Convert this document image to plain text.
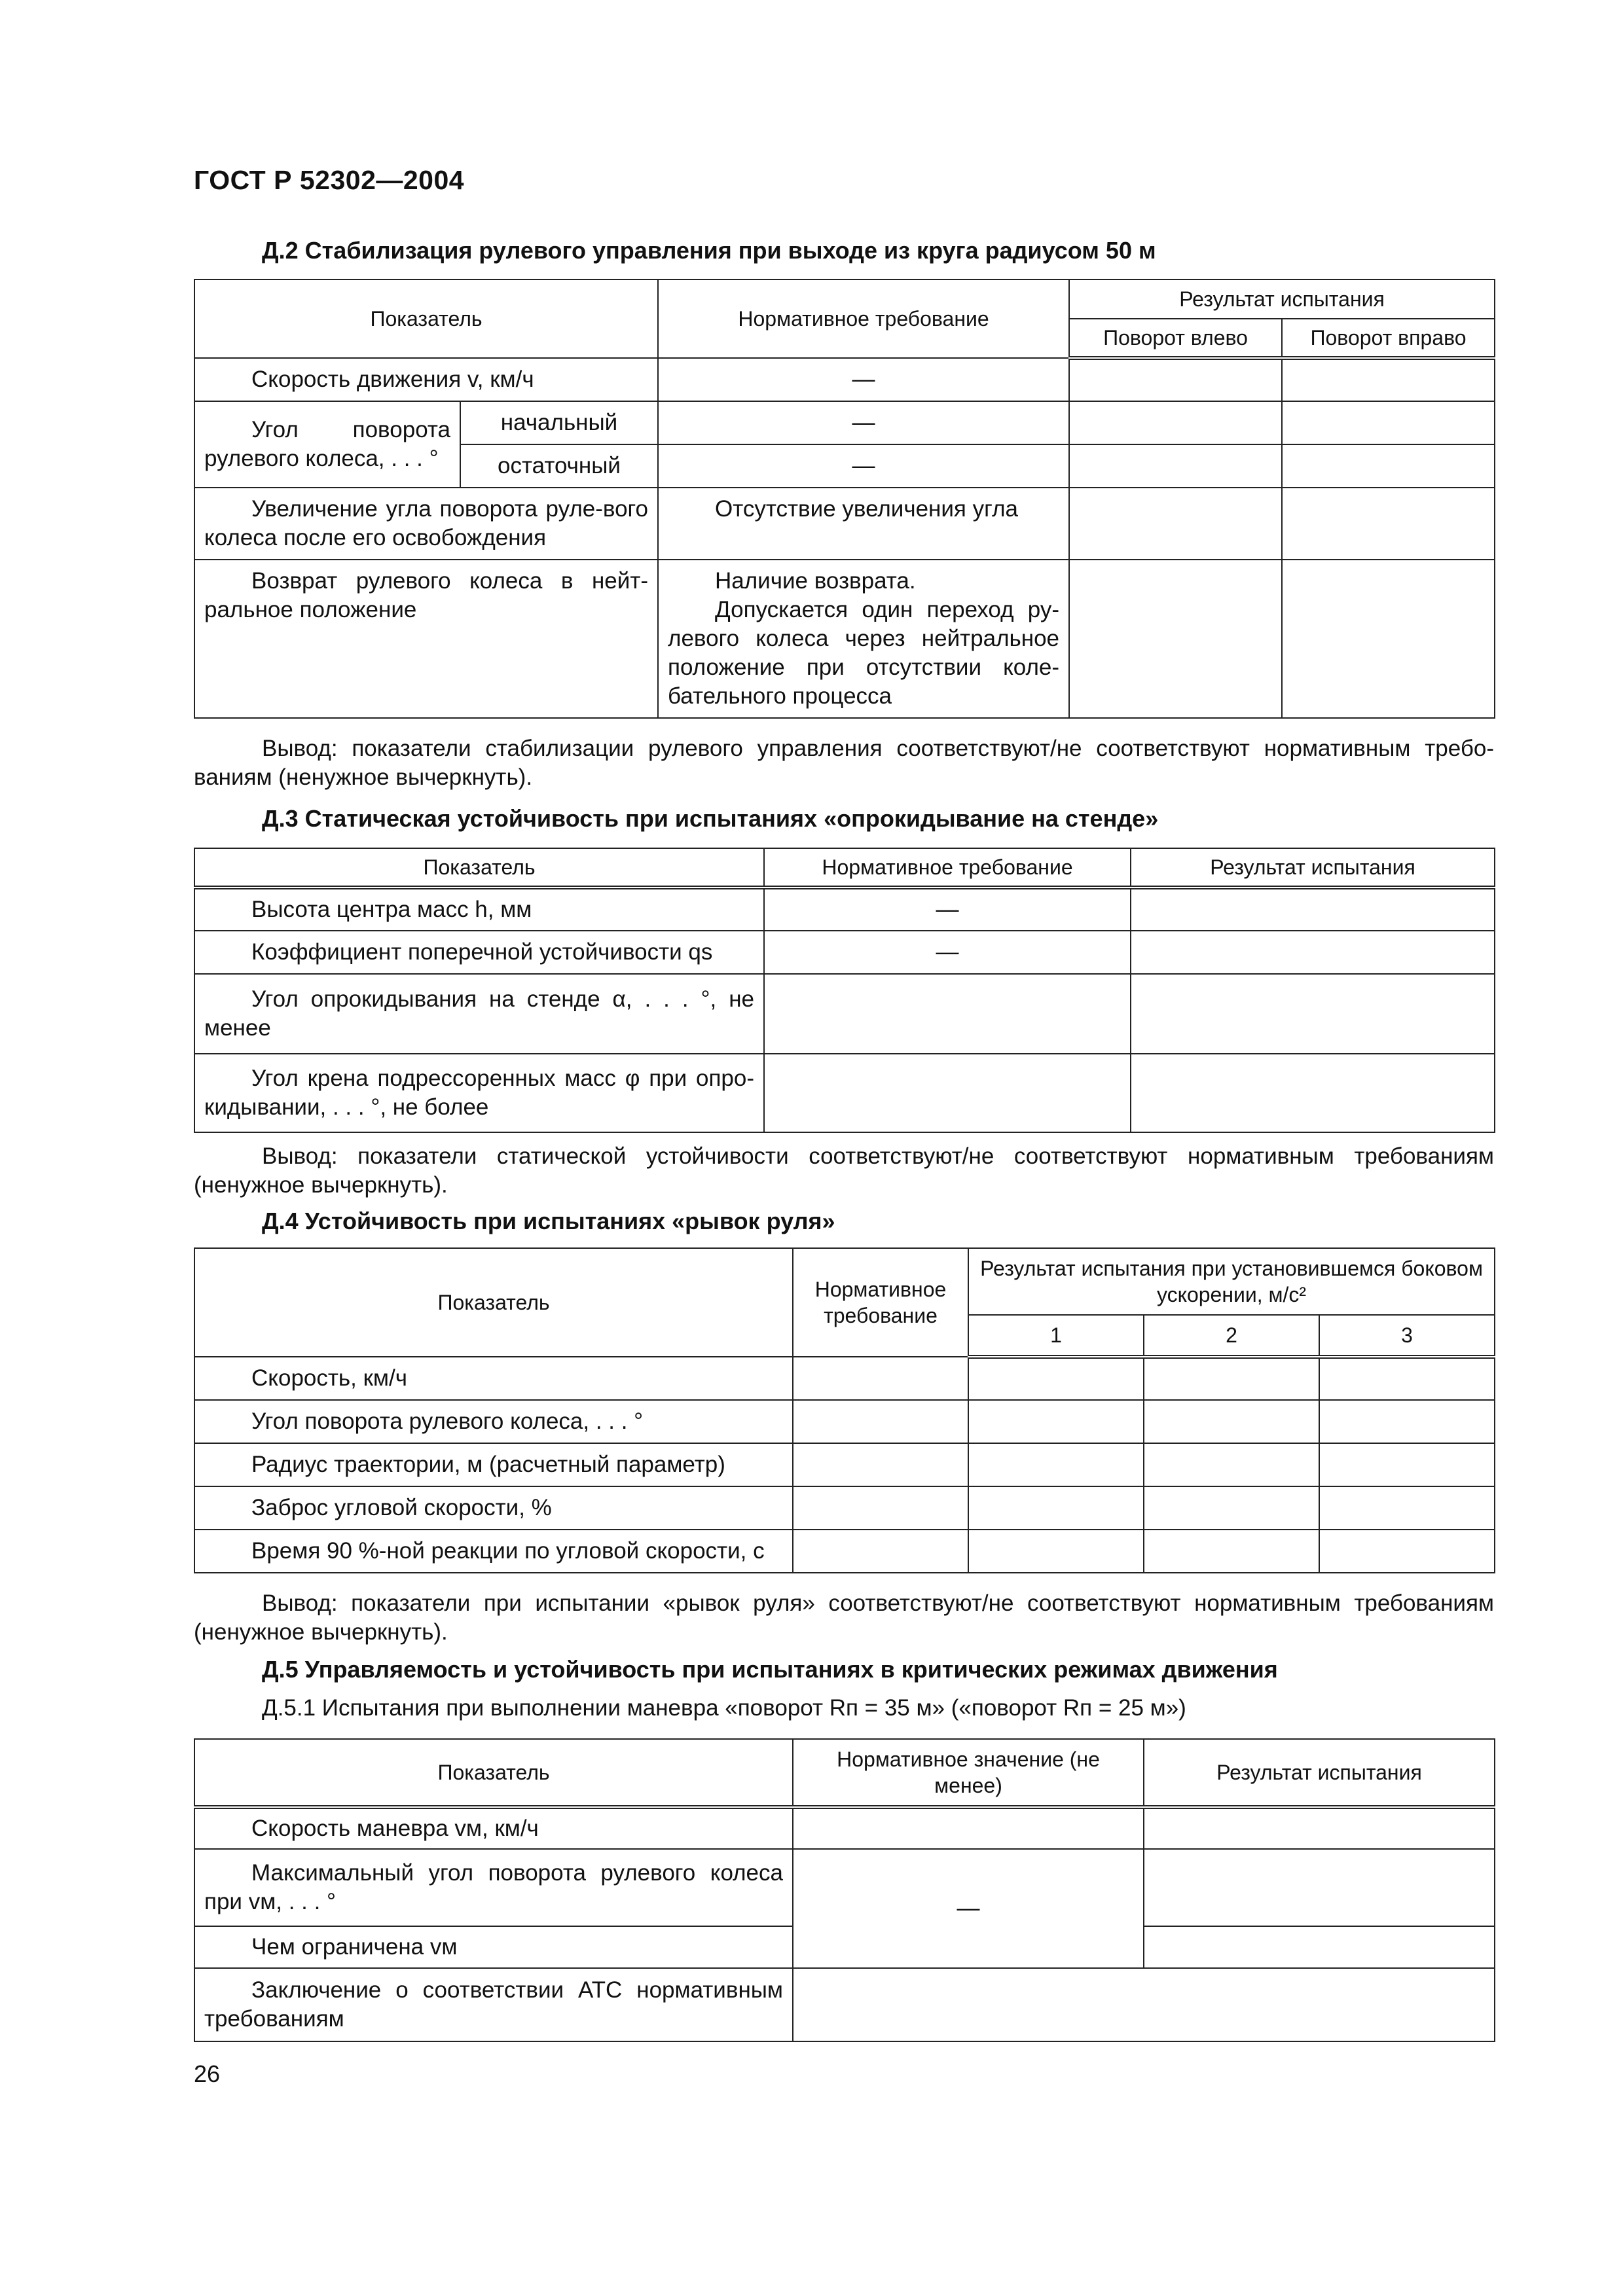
ГОСТ Р 52302—2004
Д.2 Стабилизация рулевого управления при выходе из круга радиусом 50 м
Показатель		Нормативное требование	Результат испытания	
			Поворот влево	Поворот вправо
Скорость движения v, км/ч		—		

Угол поворота
рулевого колеса, . . . °	начальный	—		
	остаточный	—		
Увеличение угла поворота руле-вого колеса после его освобождения		Отсутствие увеличения угла		
Возврат рулевого колеса в нейт-ральное положение		Наличие возврата.
Допускается один переход ру-левого колеса через нейтральное положение при отсутствии коле-бательного процесса		

Вывод: показатели стабилизации рулевого управления соответствуют/не соответствуют нормативным требо-ваниям (ненужное вычеркнуть).
Д.3 Статическая устойчивость при испытаниях «опрокидывание на стенде»
Показатель	Нормативное требование	Результат испытания
Высота центра масс h, мм	—	
Коэффициент поперечной устойчивости qs	—	
Угол опрокидывания на стенде α, . . . °, не менее		
Угол крена подрессоренных масс φ при опро-кидывании, . . . °, не более		
Вывод: показатели статической устойчивости соответствуют/не соответствуют нормативным требованиям (ненужное вычеркнуть).
Д.4 Устойчивость при испытаниях «рывок руля»
Показатель	Нормативное требование	Результат испытания при установившемся боковом ускорении, м/с²		
		1	2	3
Скорость, км/ч				
Угол поворота рулевого колеса, . . . °				
Радиус траектории, м (расчетный параметр)				
Заброс угловой скорости, %				
Время 90 %-ной реакции по угловой скорости, с				
Вывод: показатели при испытании «рывок руля» соответствуют/не соответствуют нормативным требованиям (ненужное вычеркнуть).
Д.5 Управляемость и устойчивость при испытаниях в критических режимах движения
Д.5.1 Испытания при выполнении маневра «поворот Rп = 35 м» («поворот Rп = 25 м»)
Показатель	Нормативное значение (не менее)	Результат испытания
Скорость маневра vм, км/ч		
Максимальный угол поворота рулевого колеса при vм, . . . °	—	
Чем ограничена vм		
Заключение о соответствии АТС нормативным требованиям		
26
